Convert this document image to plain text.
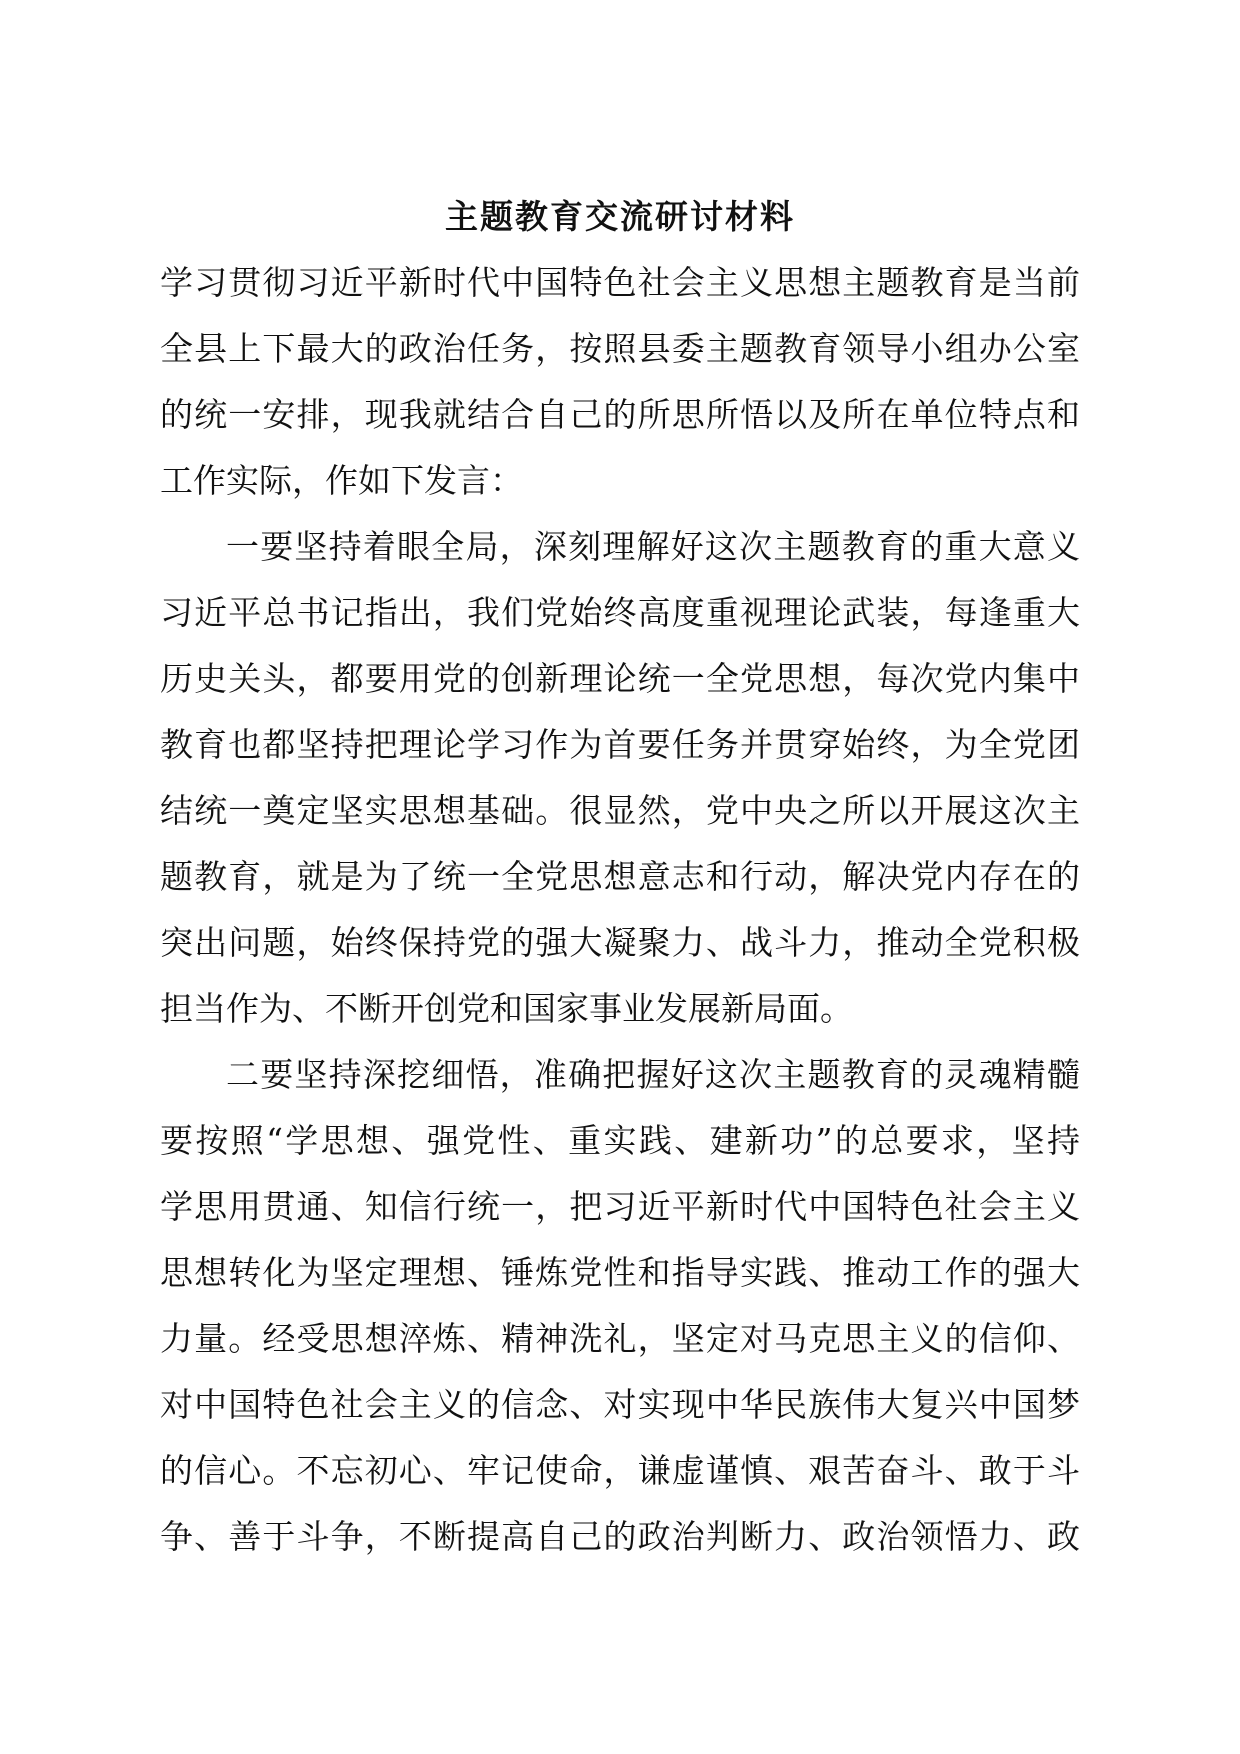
主题教育交流研讨材料
学习贯彻习近平新时代中国特色社会主义思想主题教育是当前
全县上下最大的政治任务，按照县委主题教育领导小组办公室
的统一安排，现我就结合自己的所思所悟以及所在单位特点和
工作实际，作如下发言：
一要坚持着眼全局，深刻理解好这次主题教育的重大意义
习近平总书记指出，我们党始终高度重视理论武装，每逢重大
历史关头，都要用党的创新理论统一全党思想，每次党内集中
教育也都坚持把理论学习作为首要任务并贯穿始终，为全党团
结统一奠定坚实思想基础。很显然，党中央之所以开展这次主
题教育，就是为了统一全党思想意志和行动，解决党内存在的
突出问题，始终保持党的强大凝聚力、战斗力，推动全党积极
担当作为、不断开创党和国家事业发展新局面。
二要坚持深挖细悟，准确把握好这次主题教育的灵魂精髓
要按照“学思想、强党性、重实践、建新功”的总要求，坚持
学思用贯通、知信行统一，把习近平新时代中国特色社会主义
思想转化为坚定理想、锤炼党性和指导实践、推动工作的强大
力量。经受思想淬炼、精神洗礼，坚定对马克思主义的信仰、
对中国特色社会主义的信念、对实现中华民族伟大复兴中国梦
的信心。不忘初心、牢记使命，谦虚谨慎、艰苦奋斗、敢于斗
争、善于斗争，不断提高自己的政治判断力、政治领悟力、政
